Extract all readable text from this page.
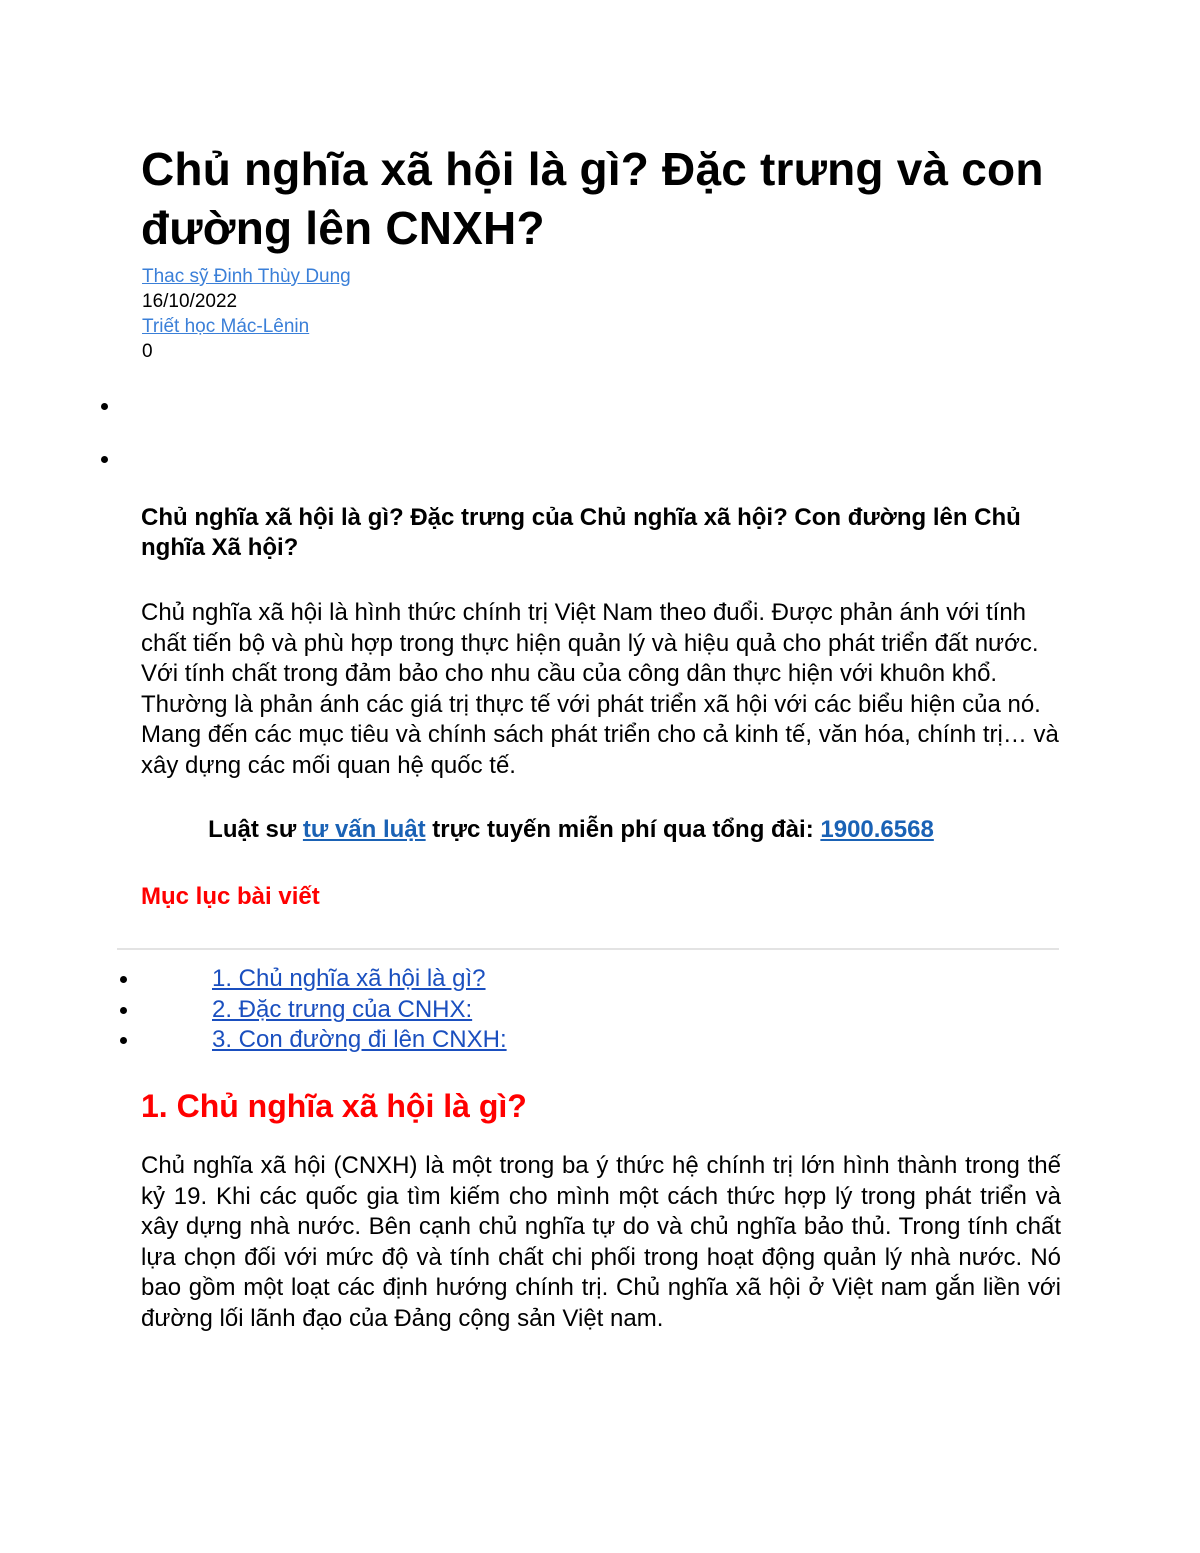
Chủ nghĩa xã hội là gì? Đặc trưng và con đường lên CNXH?
Thac sỹ Đinh Thùy Dung
16/10/2022
Triết học Mác-Lênin
0
Chủ nghĩa xã hội là gì? Đặc trưng của Chủ nghĩa xã hội? Con đường lên Chủ nghĩa Xã hội?

Chủ nghĩa xã hội là hình thức chính trị Việt Nam theo đuổi. Được phản ánh với tính chất tiến bộ và phù hợp trong thực hiện quản lý và hiệu quả cho phát triển đất nước. Với tính chất trong đảm bảo cho nhu cầu của công dân thực hiện với khuôn khổ. Thường là phản ánh các giá trị thực tế với phát triển xã hội với các biểu hiện của nó. Mang đến các mục tiêu và chính sách phát triển cho cả kinh tế, văn hóa, chính trị… và xây dựng các mối quan hệ quốc tế.

Luật sư tư vấn luật trực tuyến miễn phí qua tổng đài: 1900.6568
Mục lục bài viết
1. Chủ nghĩa xã hội là gì?
2. Đặc trưng của CNHX:
3. Con đường đi lên CNXH:
1. Chủ nghĩa xã hội là gì?

Chủ nghĩa xã hội (CNXH) là một trong ba ý thức hệ chính trị lớn hình thành trong thế kỷ 19. Khi các quốc gia tìm kiếm cho mình một cách thức hợp lý trong phát triển và xây dựng nhà nước. Bên cạnh chủ nghĩa tự do và chủ nghĩa bảo thủ. Trong tính chất lựa chọn đối với mức độ và tính chất chi phối trong hoạt động quản lý nhà nước. Nó bao gồm một loạt các định hướng chính trị. Chủ nghĩa xã hội ở Việt nam gắn liền với đường lối lãnh đạo của Đảng cộng sản Việt nam.
